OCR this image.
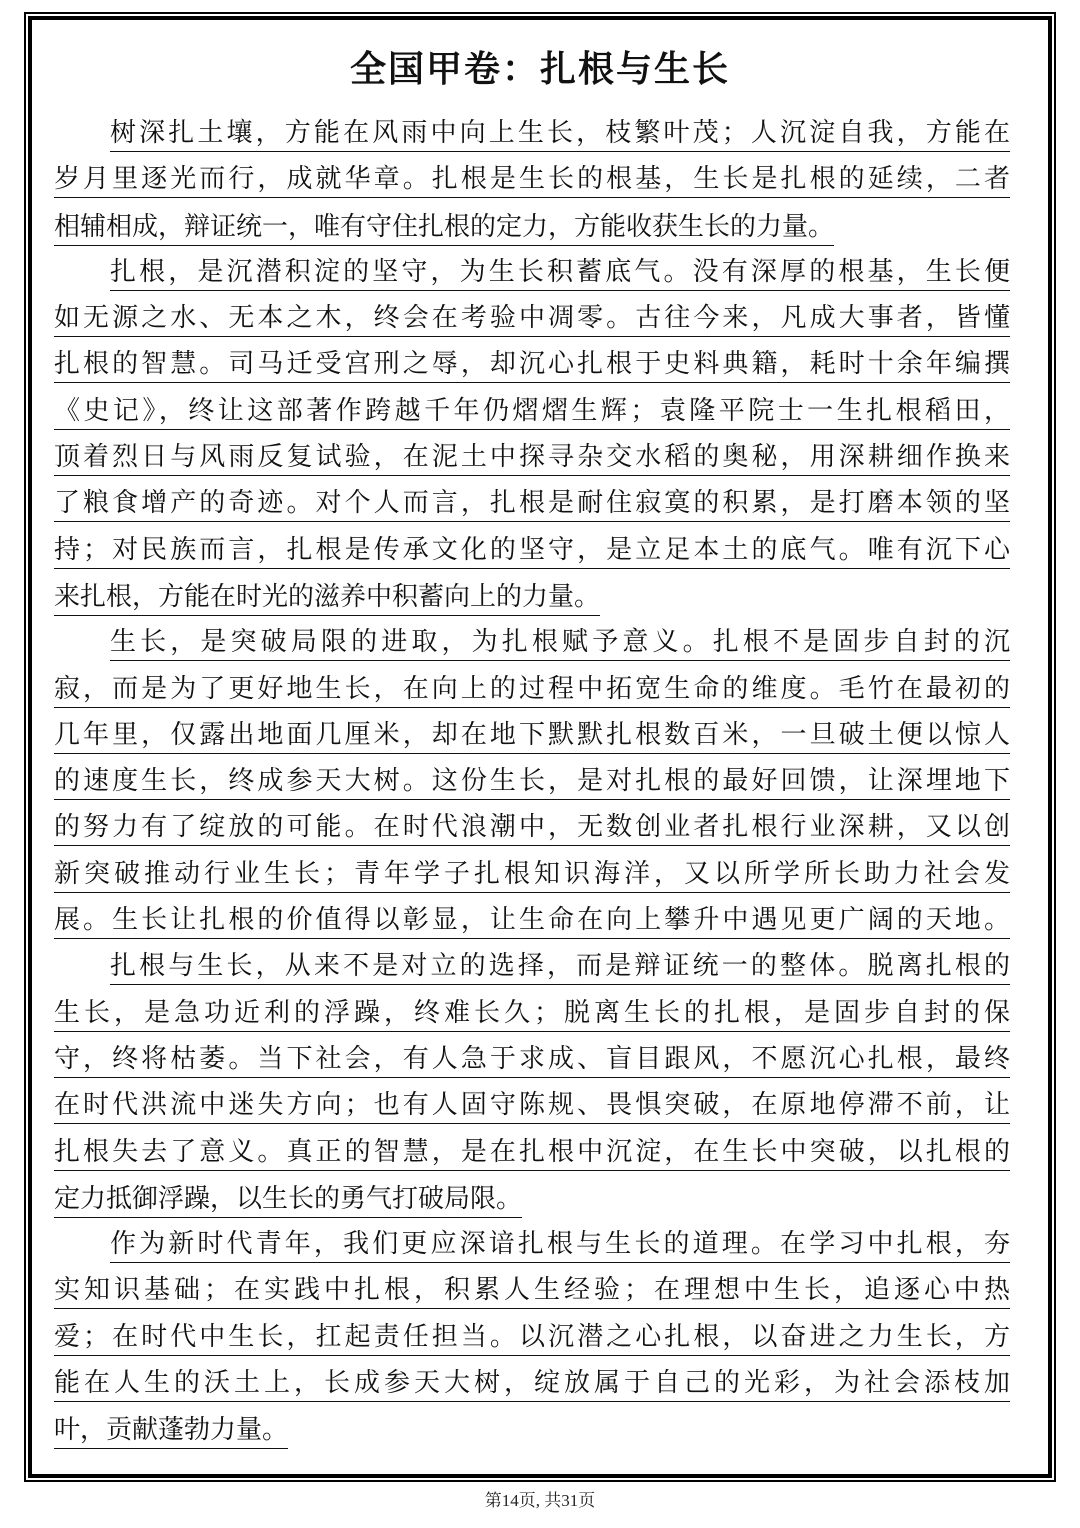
全国甲卷：扎根与生长
树深扎土壤，方能在风雨中向上生长，枝繁叶茂；人沉淀自我，方能在
岁月里逐光而行，成就华章。扎根是生长的根基，生长是扎根的延续，二者
相辅相成，辩证统一，唯有守住扎根的定力，方能收获生长的力量。
扎根，是沉潜积淀的坚守，为生长积蓄底气。没有深厚的根基，生长便
如无源之水、无本之木，终会在考验中凋零。古往今来，凡成大事者，皆懂
扎根的智慧。司马迁受宫刑之辱，却沉心扎根于史料典籍，耗时十余年编撰
《史记》，终让这部著作跨越千年仍熠熠生辉；袁隆平院士一生扎根稻田，
顶着烈日与风雨反复试验，在泥土中探寻杂交水稻的奥秘，用深耕细作换来
了粮食增产的奇迹。对个人而言，扎根是耐住寂寞的积累，是打磨本领的坚
持；对民族而言，扎根是传承文化的坚守，是立足本土的底气。唯有沉下心
来扎根，方能在时光的滋养中积蓄向上的力量。
生长，是突破局限的进取，为扎根赋予意义。扎根不是固步自封的沉
寂，而是为了更好地生长，在向上的过程中拓宽生命的维度。毛竹在最初的
几年里，仅露出地面几厘米，却在地下默默扎根数百米，一旦破土便以惊人
的速度生长，终成参天大树。这份生长，是对扎根的最好回馈，让深埋地下
的努力有了绽放的可能。在时代浪潮中，无数创业者扎根行业深耕，又以创
新突破推动行业生长；青年学子扎根知识海洋，又以所学所长助力社会发
展。生长让扎根的价值得以彰显，让生命在向上攀升中遇见更广阔的天地。
扎根与生长，从来不是对立的选择，而是辩证统一的整体。脱离扎根的
生长，是急功近利的浮躁，终难长久；脱离生长的扎根，是固步自封的保
守，终将枯萎。当下社会，有人急于求成、盲目跟风，不愿沉心扎根，最终
在时代洪流中迷失方向；也有人固守陈规、畏惧突破，在原地停滞不前，让
扎根失去了意义。真正的智慧，是在扎根中沉淀，在生长中突破，以扎根的
定力抵御浮躁，以生长的勇气打破局限。
作为新时代青年，我们更应深谙扎根与生长的道理。在学习中扎根，夯
实知识基础；在实践中扎根，积累人生经验；在理想中生长，追逐心中热
爱；在时代中生长，扛起责任担当。以沉潜之心扎根，以奋进之力生长，方
能在人生的沃土上，长成参天大树，绽放属于自己的光彩，为社会添枝加
叶，贡献蓬勃力量。
第14页, 共31页
